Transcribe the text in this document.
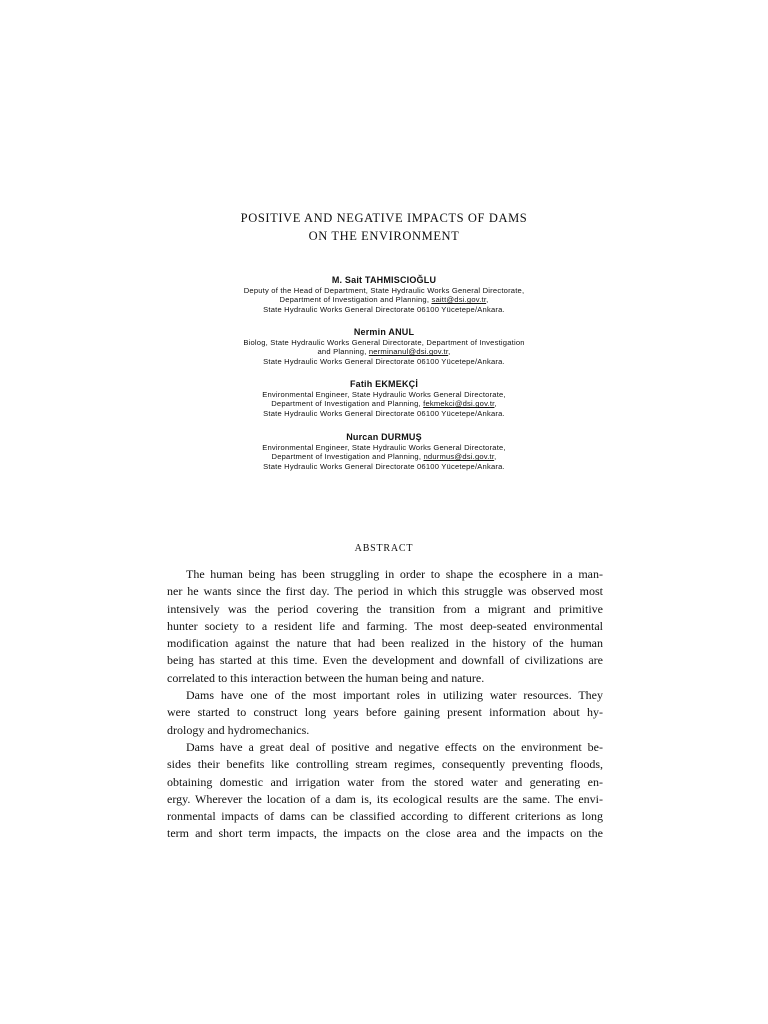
POSITIVE AND NEGATIVE IMPACTS OF DAMS
ON THE ENVIRONMENT
M. Sait TAHMISCIOĞLU
Deputy of the Head of Department, State Hydraulic Works General Directorate,
Department of Investigation and Planning, saitt@dsi.gov.tr,
State Hydraulic Works General Directorate 06100 Yücetepe/Ankara.
Nermin ANUL
Biolog, State Hydraulic Works General Directorate, Department of Investigation
and Planning, nerminanul@dsi.gov.tr,
State Hydraulic Works General Directorate 06100 Yücetepe/Ankara.
Fatih EKMEKÇİ
Environmental Engineer, State Hydraulic Works General Directorate,
Department of Investigation and Planning, fekmekci@dsi.gov.tr,
State Hydraulic Works General Directorate 06100 Yücetepe/Ankara.
Nurcan DURMUŞ
Environmental Engineer, State Hydraulic Works General Directorate,
Department of Investigation and Planning, ndurmus@dsi.gov.tr,
State Hydraulic Works General Directorate 06100 Yücetepe/Ankara.
ABSTRACT
The human being has been struggling in order to shape the ecosphere in a man-
ner he wants since the first day. The period in which this struggle was observed most
intensively was the period covering the transition from a migrant and primitive
hunter society to a resident life and farming. The most deep-seated environmental
modification against the nature that had been realized in the history of the human
being has started at this time. Even the development and downfall of civilizations are
correlated to this interaction between the human being and nature.
Dams have one of the most important roles in utilizing water resources. They
were started to construct long years before gaining present information about hy-
drology and hydromechanics.
Dams have a great deal of positive and negative effects on the environment be-
sides their benefits like controlling stream regimes, consequently preventing floods,
obtaining domestic and irrigation water from the stored water and generating en-
ergy. Wherever the location of a dam is, its ecological results are the same. The envi-
ronmental impacts of dams can be classified according to different criterions as long
term and short term impacts, the impacts on the close area and the impacts on the
